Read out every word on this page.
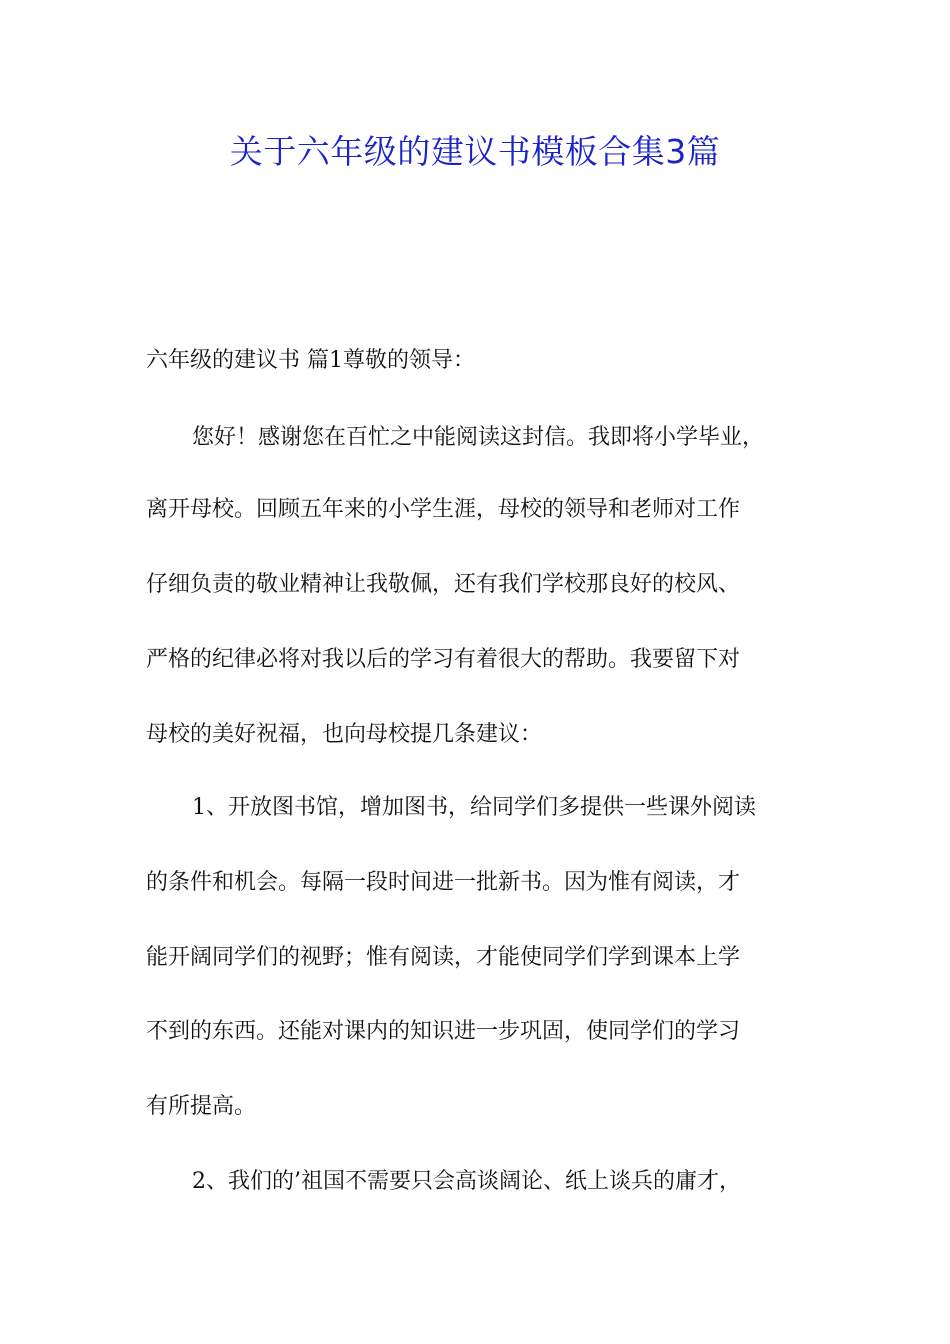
关于六年级的建议书模板合集3篇

六年级的建议书 篇1尊敬的领导：

您好！感谢您在百忙之中能阅读这封信。我即将小学毕业，

离开母校。回顾五年来的小学生涯，母校的领导和老师对工作

仔细负责的敬业精神让我敬佩，还有我们学校那良好的校风、

严格的纪律必将对我以后的学习有着很大的帮助。我要留下对

母校的美好祝福，也向母校提几条建议：

1、开放图书馆，增加图书，给同学们多提供一些课外阅读

的条件和机会。每隔一段时间进一批新书。因为惟有阅读，才

能开阔同学们的视野；惟有阅读，才能使同学们学到课本上学

不到的东西。还能对课内的知识进一步巩固，使同学们的学习

有所提高。

2、我们的’祖国不需要只会高谈阔论、纸上谈兵的庸才，
